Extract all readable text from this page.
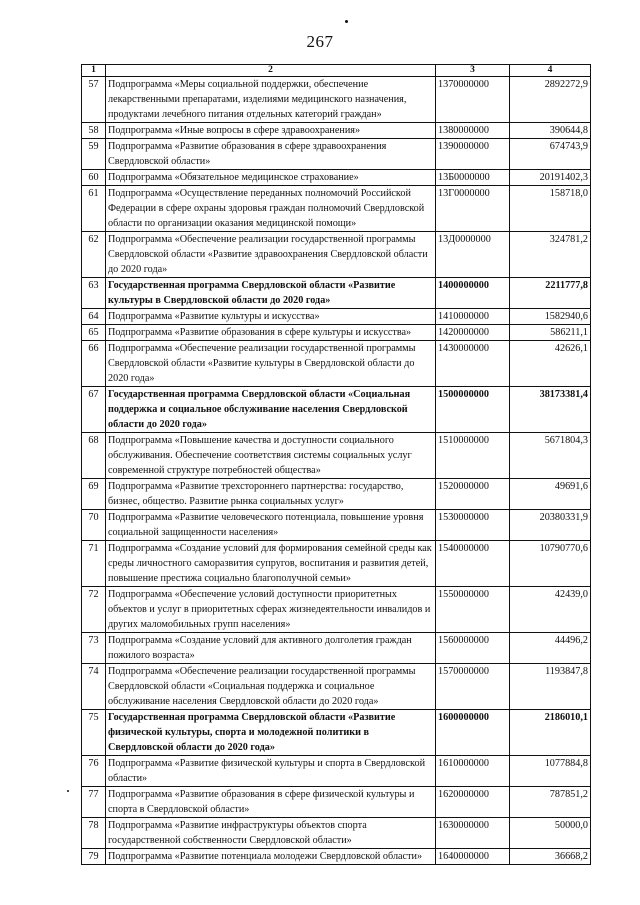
267
1	2	3	4
57	Подпрограмма «Меры социальной поддержки, обеспечение лекарственными препаратами, изделиями медицинского назначения, продуктами лечебного питания отдельных категорий граждан»	1370000000	2892272,9
58	Подпрограмма «Иные вопросы в сфере здравоохранения»	1380000000	390644,8
59	Подпрограмма «Развитие образования в сфере здравоохранения Свердловской области»	1390000000	674743,9
60	Подпрограмма «Обязательное медицинское страхование»	13Б0000000	20191402,3
61	Подпрограмма «Осуществление переданных полномочий Российской Федерации в сфере охраны здоровья граждан полномочий Свердловской области по организации оказания медицинской помощи»	13Г0000000	158718,0
62	Подпрограмма «Обеспечение реализации государственной программы Свердловской области «Развитие здравоохранения Свердловской области до 2020 года»	13Д0000000	324781,2
63	Государственная программа Свердловской области «Развитие культуры в Свердловской области до 2020 года»	1400000000	2211777,8
64	Подпрограмма «Развитие культуры и искусства»	1410000000	1582940,6
65	Подпрограмма «Развитие образования в сфере культуры и искусства»	1420000000	586211,1
66	Подпрограмма «Обеспечение реализации государственной программы Свердловской области «Развитие культуры в Свердловской области до 2020 года»	1430000000	42626,1
67	Государственная программа Свердловской области «Социальная поддержка и социальное обслуживание населения Свердловской области до 2020 года»	1500000000	38173381,4
68	Подпрограмма «Повышение качества и доступности социального обслуживания. Обеспечение соответствия системы социальных услуг современной структуре потребностей общества»	1510000000	5671804,3
69	Подпрограмма «Развитие трехстороннего партнерства: государство, бизнес, общество. Развитие рынка социальных услуг»	1520000000	49691,6
70	Подпрограмма «Развитие человеческого потенциала, повышение уровня социальной защищенности населения»	1530000000	20380331,9
71	Подпрограмма «Создание условий для формирования семейной среды как среды личностного саморазвития супругов, воспитания и развития детей, повышение престижа социально благополучной семьи»	1540000000	10790770,6
72	Подпрограмма «Обеспечение условий доступности приоритетных объектов и услуг в приоритетных сферах жизнедеятельности инвалидов и других маломобильных групп населения»	1550000000	42439,0
73	Подпрограмма «Создание условий для активного долголетия граждан пожилого возраста»	1560000000	44496,2
74	Подпрограмма «Обеспечение реализации государственной программы Свердловской области «Социальная поддержка и социальное обслуживание населения Свердловской области до 2020 года»	1570000000	1193847,8
75	Государственная программа Свердловской области «Развитие физической культуры, спорта и молодежной политики в Свердловской области до 2020 года»	1600000000	2186010,1
76	Подпрограмма «Развитие физической культуры и спорта в Свердловской области»	1610000000	1077884,8
77	Подпрограмма «Развитие образования в сфере физической культуры и спорта в Свердловской области»	1620000000	787851,2
78	Подпрограмма «Развитие инфраструктуры объектов спорта государственной собственности Свердловской области»	1630000000	50000,0
79	Подпрограмма «Развитие потенциала молодежи Свердловской области»	1640000000	36668,2
